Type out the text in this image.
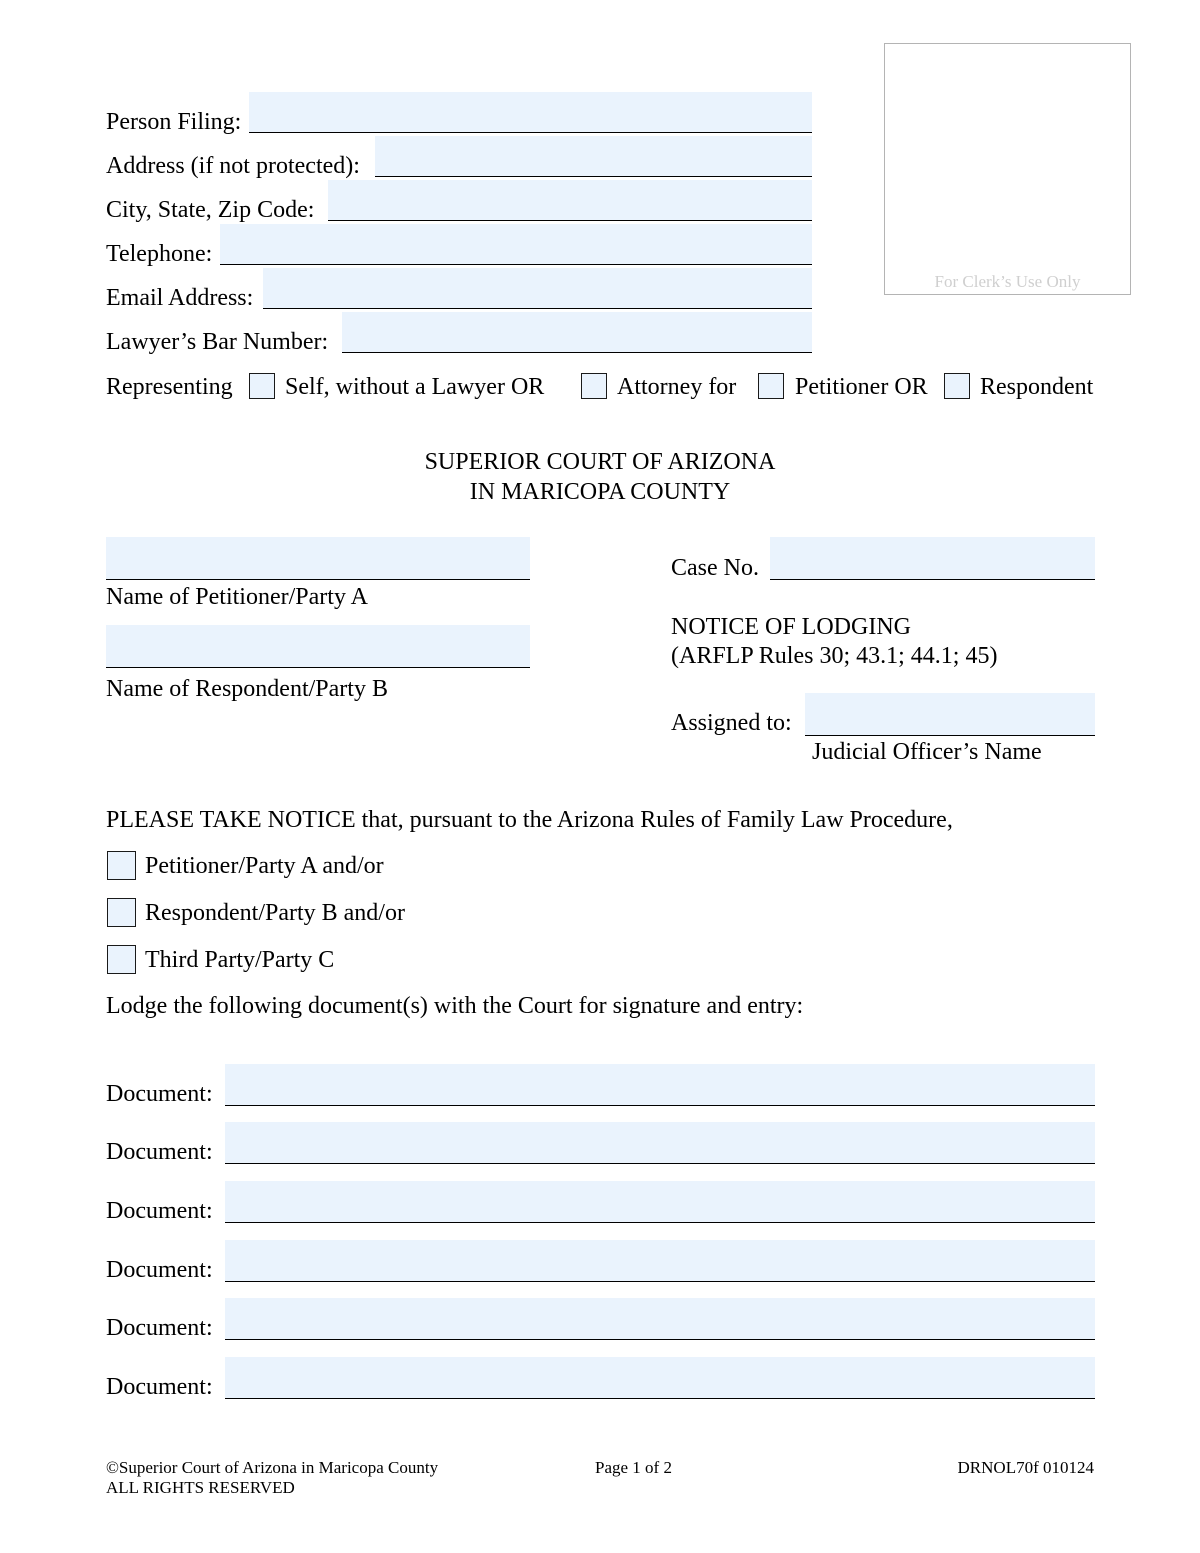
Person Filing:
Address (if not protected):
City, State, Zip Code:
Telephone:
Email Address:
Lawyer’s Bar Number:
Representing Self, without a Lawyer OR	Attorney for Petitioner OR Respondent
For Clerk’s Use Only
SUPERIOR COURT OF ARIZONA
IN MARICOPA COUNTY
Name of Petitioner/Party A
Name of Respondent/Party B
Case No.
NOTICE OF LODGING
(ARFLP Rules 30; 43.1; 44.1; 45)
Assigned to:
Judicial Officer’s Name
PLEASE TAKE NOTICE that, pursuant to the Arizona Rules of Family Law Procedure,
Petitioner/Party A and/or
Respondent/Party B and/or
Third Party/Party C
Lodge the following document(s) with the Court for signature and entry:
Document:
Document:
Document:
Document:
Document:
Document:
©Superior Court of Arizona in Maricopa County
ALL RIGHTS RESERVED
Page 1 of 2	DRNOL70f 010124
